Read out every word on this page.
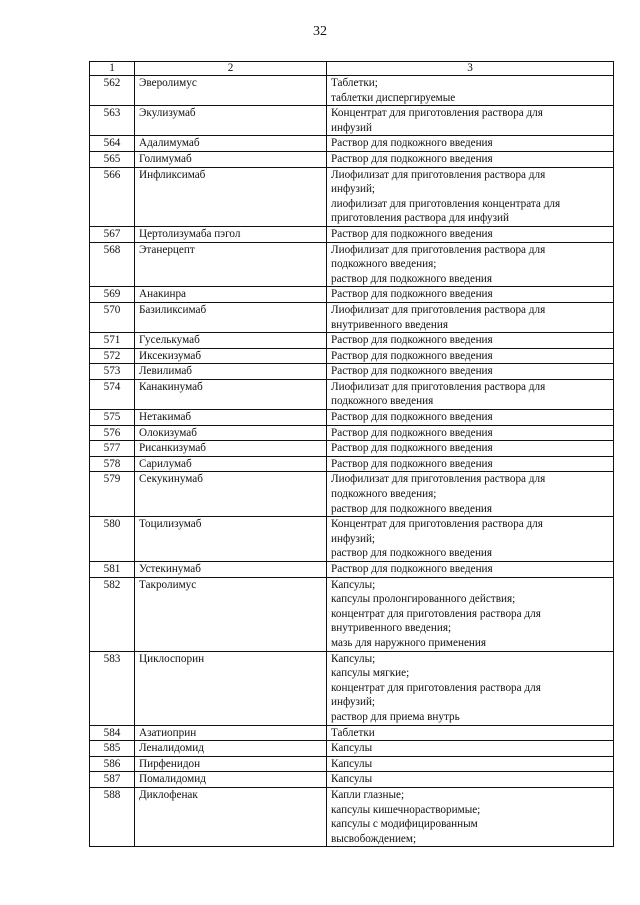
32
1	2	3
562	Эверолимус	Таблетки;
таблетки диспергируемые

563	Экулизумаб	Концентрат для приготовления раствора для
инфузий

564	Адалимумаб	Раствор для подкожного введения

565	Голимумаб	Раствор для подкожного введения

566	Инфликсимаб	Лиофилизат для приготовления раствора для
инфузий;
лиофилизат для приготовления концентрата для
приготовления раствора для инфузий

567	Цертолизумаба пэгол	Раствор для подкожного введения

568	Этанерцепт	Лиофилизат для приготовления раствора для
подкожного введения;
раствор для подкожного введения

569	Анакинра	Раствор для подкожного введения

570	Базиликсимаб	Лиофилизат для приготовления раствора для
внутривенного введения

571	Гуселькумаб	Раствор для подкожного введения

572	Иксекизумаб	Раствор для подкожного введения

573	Левилимаб	Раствор для подкожного введения

574	Канакинумаб	Лиофилизат для приготовления раствора для
подкожного введения

575	Нетакимаб	Раствор для подкожного введения

576	Олокизумаб	Раствор для подкожного введения

577	Рисанкизумаб	Раствор для подкожного введения

578	Сарилумаб	Раствор для подкожного введения

579	Секукинумаб	Лиофилизат для приготовления раствора для
подкожного введения;
раствор для подкожного введения

580	Тоцилизумаб	Концентрат для приготовления раствора для
инфузий;
раствор для подкожного введения

581	Устекинумаб	Раствор для подкожного введения

582	Такролимус	Капсулы;
капсулы пролонгированного действия;
концентрат для приготовления раствора для
внутривенного введения;
мазь для наружного применения

583	Циклоспорин	Капсулы;
капсулы мягкие;
концентрат для приготовления раствора для
инфузий;
раствор для приема внутрь

584	Азатиоприн	Таблетки

585	Леналидомид	Капсулы

586	Пирфенидон	Капсулы

587	Помалидомид	Капсулы

588	Диклофенак	Капли глазные;
капсулы кишечнорастворимые;
капсулы с модифицированным
высвобождением;
